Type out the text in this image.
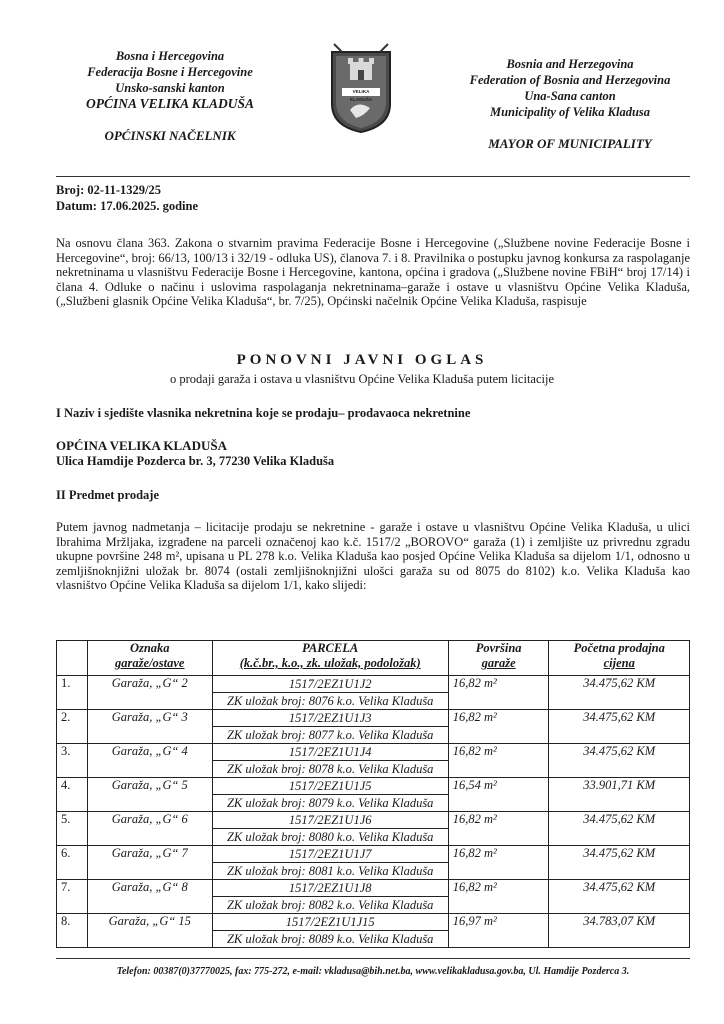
Bosna i Hercegovina
Federacija Bosne i Hercegovine
Unsko-sanski kanton
OPĆINA VELIKA KLADUŠA
OPĆINSKI NAČELNIK
VELIKA KLADUŠA
Bosnia and Herzegovina
Federation of Bosnia and Herzegovina
Una-Sana canton
Municipality of Velika Kladusa
MAYOR OF MUNICIPALITY
Broj: 02-11-1329/25
Datum: 17.06.2025. godine
Na osnovu člana 363. Zakona o stvarnim pravima Federacije Bosne i Hercegovine („Službene novine Federacije Bosne i Hercegovine“, broj: 66/13, 100/13 i 32/19 - odluka US), članova 7. i 8. Pravilnika o postupku javnog konkursa za raspolaganje nekretninama u vlasništvu Federacije Bosne i Hercegovine, kantona, općina i gradova („Službene novine FBiH“ broj 17/14) i člana 4. Odluke o načinu i uslovima raspolaganja nekretninama–garaže i ostave u vlasništvu Općine Velika Kladuša, („Službeni glasnik Općine Velika Kladuša“, br. 7/25), Općinski načelnik Općine Velika Kladuša, raspisuje
PONOVNI JAVNI OGLAS
o prodaji garaža i ostava u vlasništvu Općine Velika Kladuša putem licitacije
I Naziv i sjedište vlasnika nekretnina koje se prodaju– prodavaoca nekretnine
OPĆINA VELIKA KLADUŠA
Ulica Hamdije Pozderca br. 3, 77230 Velika Kladuša
II Predmet prodaje
Putem javnog nadmetanja – licitacije prodaju se nekretnine - garaže i ostave u vlasništvu Općine Velika Kladuša, u ulici Ibrahima Mržljaka, izgrađene na parceli označenoj kao k.č. 1517/2 „BOROVO“ garaža (1) i zemljište uz privrednu zgradu ukupne površine 248 m², upisana u PL 278 k.o. Velika Kladuša kao posjed Općine Velika Kladuša sa dijelom 1/1, odnosno u zemljišnoknjižni uložak br. 8074 (ostali zemljišnoknjižni ulošci garaža su od 8075 do 8102) k.o. Velika Kladuša kao vlasništvo Općine Velika Kladuša sa dijelom 1/1, kako slijedi:

	Oznaka
garaže/ostave	PARCELA
(k.č.br., k.o., zk. uložak, podoložak)	Površina
garaže	Početna prodajna
cijena
1.	Garaža, „G“ 2	1517/2EZ1U1J2
ZK uložak broj: 8076 k.o. Velika Kladuša	16,82 m²	34.475,62 KM
2.	Garaža, „G“ 3	1517/2EZ1U1J3
ZK uložak broj: 8077 k.o. Velika Kladuša	16,82 m²	34.475,62 KM
3.	Garaža, „G“ 4	1517/2EZ1U1J4
ZK uložak broj: 8078 k.o. Velika Kladuša	16,82 m²	34.475,62 KM
4.	Garaža, „G“ 5	1517/2EZ1U1J5
ZK uložak broj: 8079 k.o. Velika Kladuša	16,54 m²	33.901,71 KM
5.	Garaža, „G“ 6	1517/2EZ1U1J6
ZK uložak broj: 8080 k.o. Velika Kladuša	16,82 m²	34.475,62 KM
6.	Garaža, „G“ 7	1517/2EZ1U1J7
ZK uložak broj: 8081 k.o. Velika Kladuša	16,82 m²	34.475,62 KM
7.	Garaža, „G“ 8	1517/2EZ1U1J8
ZK uložak broj: 8082 k.o. Velika Kladuša	16,82 m²	34.475,62 KM
8.	Garaža, „G“ 15	1517/2EZ1U1J15
ZK uložak broj: 8089 k.o. Velika Kladuša	16,97 m²	34.783,07 KM
Telefon: 00387(0)37770025, fax: 775-272, e-mail: vkladusa@bih.net.ba, www.velikakladusa.gov.ba, Ul. Hamdije Pozderca 3.
